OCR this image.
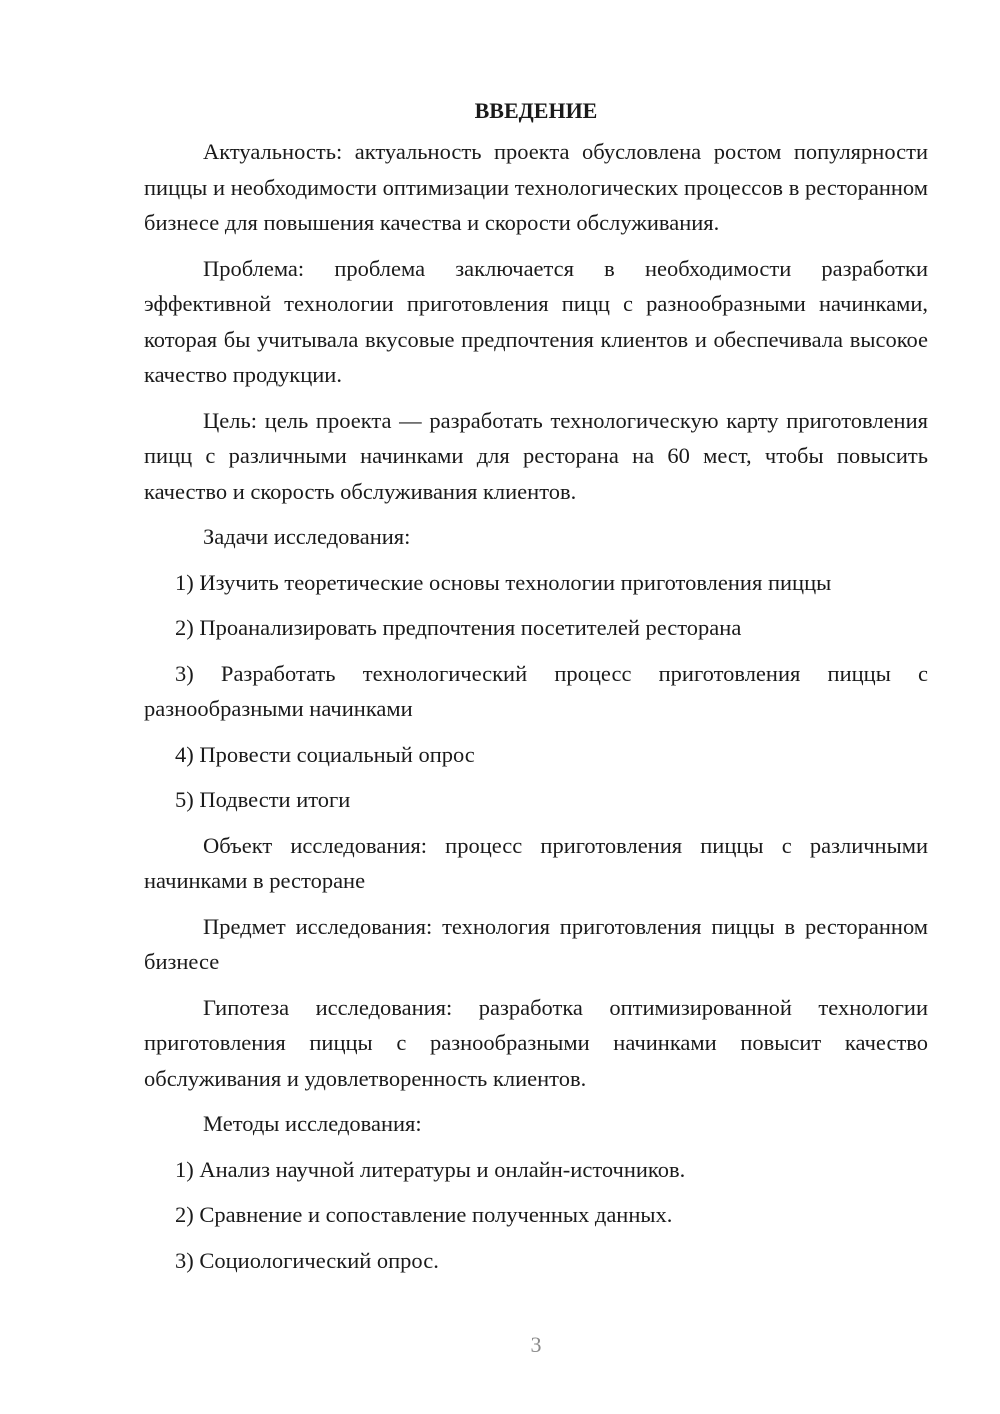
ВВЕДЕНИЕ

Актуальность: актуальность проекта обусловлена ростом популярности пиццы и необходимости оптимизации технологических процессов в ресторанном бизнесе для повышения качества и скорости обслуживания.

Проблема: проблема заключается в необходимости разработки эффективной технологии приготовления пицц с разнообразными начинками, которая бы учитывала вкусовые предпочтения клиентов и обеспечивала высокое качество продукции.

Цель: цель проекта — разработать технологическую карту приготовления пицц с различными начинками для ресторана на 60 мест, чтобы повысить качество и скорость обслуживания клиентов.

Задачи исследования:

1) Изучить теоретические основы технологии приготовления пиццы

2) Проанализировать предпочтения посетителей ресторана

3) Разработать технологический процесс приготовления пиццы с разнообразными начинками

4) Провести социальный опрос

5) Подвести итоги

Объект исследования: процесс приготовления пиццы с различными начинками в ресторане

Предмет исследования: технология приготовления пиццы в ресторанном бизнесе

Гипотеза исследования: разработка оптимизированной технологии приготовления пиццы с разнообразными начинками повысит качество обслуживания и удовлетворенность клиентов.

Методы исследования:

1) Анализ научной литературы и онлайн-источников.

2) Сравнение и сопоставление полученных данных.

3) Социологический опрос.

3
